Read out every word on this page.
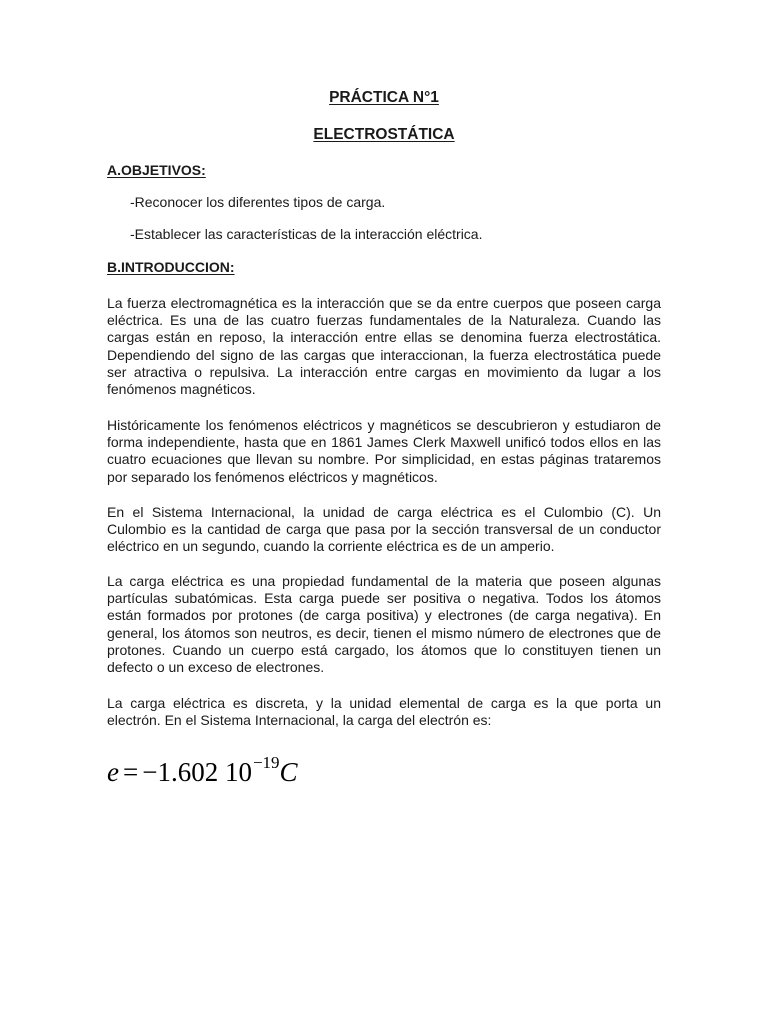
PRÁCTICA N°1
ELECTROSTÁTICA
A.OBJETIVOS:

-Reconocer los diferentes tipos de carga.

-Establecer las características de la interacción eléctrica.

B.INTRODUCCION:

La fuerza electromagnética es la interacción que se da entre cuerpos que poseen carga eléctrica. Es una de las cuatro fuerzas fundamentales de la Naturaleza. Cuando las cargas están en reposo, la interacción entre ellas se denomina fuerza electrostática. Dependiendo del signo de las cargas que interaccionan, la fuerza electrostática puede ser atractiva o repulsiva. La interacción entre cargas en movimiento da lugar a los fenómenos magnéticos.

Históricamente los fenómenos eléctricos y magnéticos se descubrieron y estudiaron de forma independiente, hasta que en 1861 James Clerk Maxwell unificó todos ellos en las cuatro ecuaciones que llevan su nombre. Por simplicidad, en estas páginas trataremos por separado los fenómenos eléctricos y magnéticos.

En el Sistema Internacional, la unidad de carga eléctrica es el Culombio (C). Un Culombio es la cantidad de carga que pasa por la sección transversal de un conductor eléctrico en un segundo, cuando la corriente eléctrica es de un amperio.

La carga eléctrica es una propiedad fundamental de la materia que poseen algunas partículas subatómicas. Esta carga puede ser positiva o negativa. Todos los átomos están formados por protones (de carga positiva) y electrones (de carga negativa). En general, los átomos son neutros, es decir, tienen el mismo número de electrones que de protones. Cuando un cuerpo está cargado, los átomos que lo constituyen tienen un defecto o un exceso de electrones.

La carga eléctrica es discreta, y la unidad elemental de carga es la que porta un electrón. En el Sistema Internacional, la carga del electrón es:

e = −1.602 $10^{-19}C$
